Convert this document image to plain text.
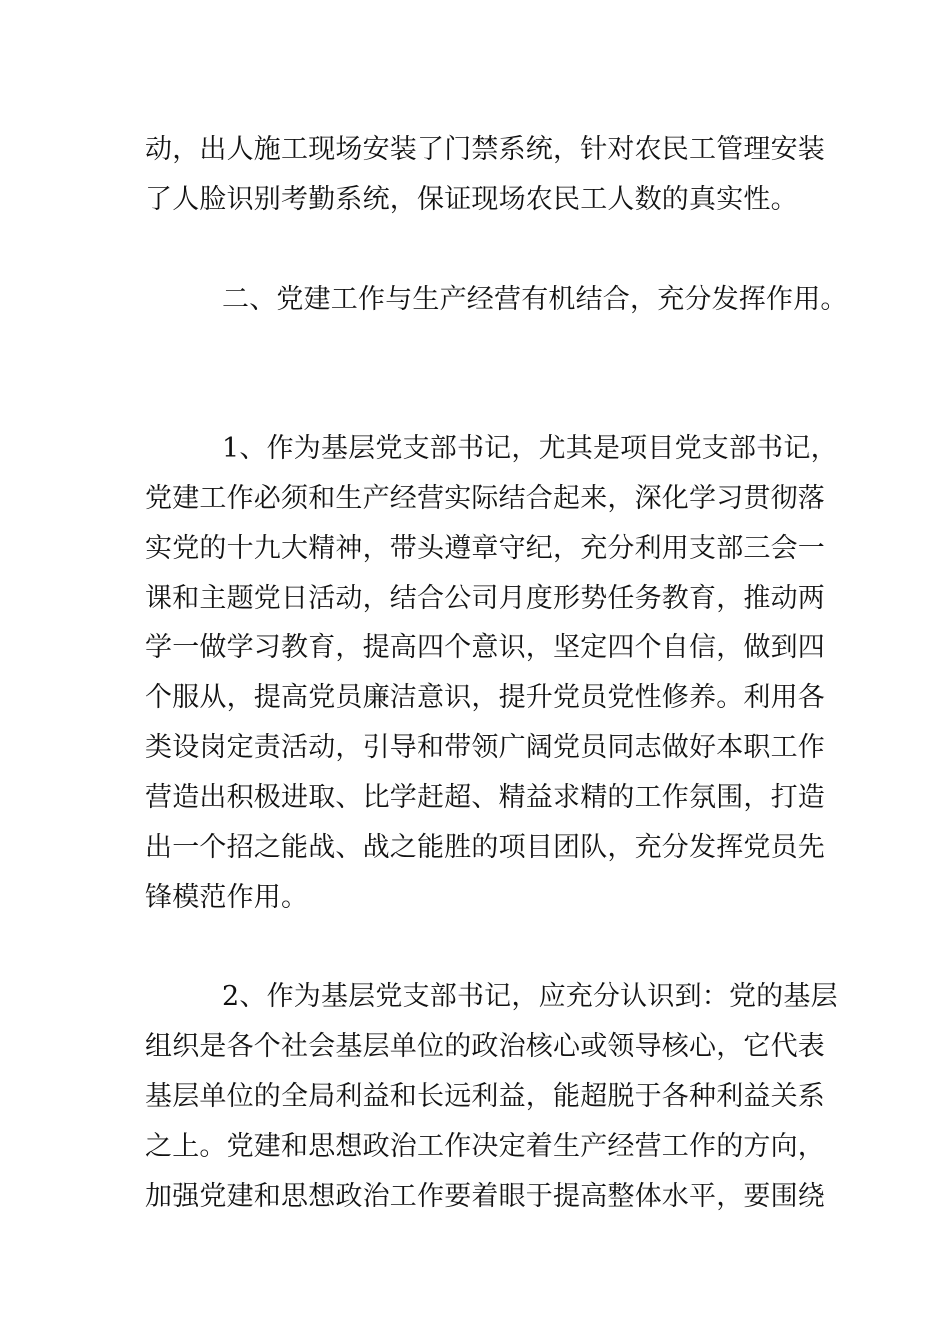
动，出人施工现场安装了门禁系统，针对农民工管理安装
了人脸识别考勤系统，保证现场农民工人数的真实性。
二、党建工作与生产经营有机结合，充分发挥作用。
1、作为基层党支部书记，尤其是项目党支部书记，
党建工作必须和生产经营实际结合起来，深化学习贯彻落
实党的十九大精神，带头遵章守纪，充分利用支部三会一
课和主题党日活动，结合公司月度形势任务教育，推动两
学一做学习教育，提高四个意识，坚定四个自信，做到四
个服从，提高党员廉洁意识，提升党员党性修养。利用各
类设岗定责活动，引导和带领广阔党员同志做好本职工作
营造出积极进取、比学赶超、精益求精的工作氛围，打造
出一个招之能战、战之能胜的项目团队，充分发挥党员先
锋模范作用。
2、作为基层党支部书记，应充分认识到：党的基层
组织是各个社会基层单位的政治核心或领导核心，它代表
基层单位的全局利益和长远利益，能超脱于各种利益关系
之上。党建和思想政治工作决定着生产经营工作的方向，
加强党建和思想政治工作要着眼于提高整体水平，要围绕
